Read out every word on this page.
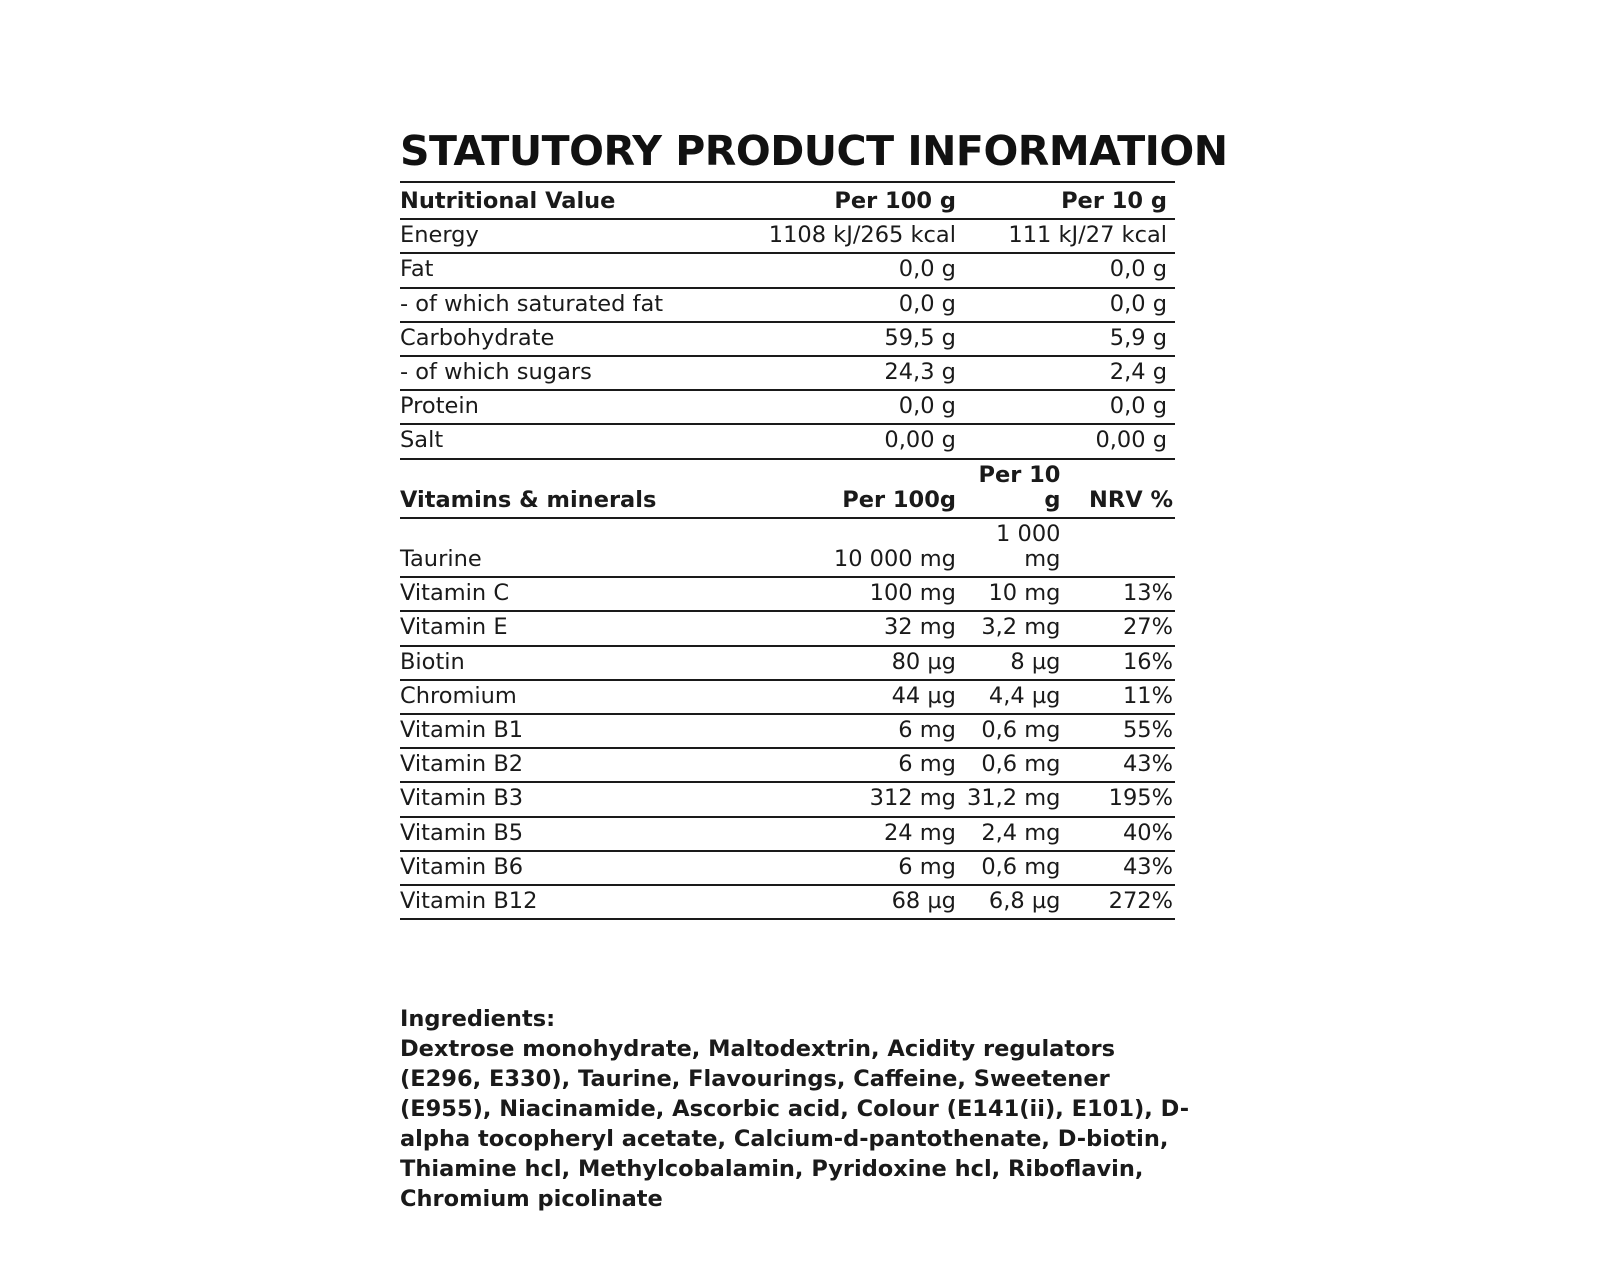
STATUTORY PRODUCT INFORMATION
Nutritional Value	Per 100 g	Per 10 g	
Energy	1108 kJ/265 kcal	111 kJ/27 kcal	
Fat	0,0 g	0,0 g	
- of which saturated fat	0,0 g	0,0 g	
Carbohydrate	59,5 g	5,9 g	
- of which sugars	24,3 g	2,4 g	
Protein	0,0 g	0,0 g	
Salt	0,00 g	0,00 g	
Vitamins & minerals	Per 100g	Per 10 g	NRV %
Taurine	10 000 mg	1 000 mg	
Vitamin C	100 mg	10 mg	13%
Vitamin E	32 mg	3,2 mg	27%
Biotin	80 µg	8 µg	16%
Chromium	44 µg	4,4 µg	11%
Vitamin B1	6 mg	0,6 mg	55%
Vitamin B2	6 mg	0,6 mg	43%
Vitamin B3	312 mg	31,2 mg	195%
Vitamin B5	24 mg	2,4 mg	40%
Vitamin B6	6 mg	0,6 mg	43%
Vitamin B12	68 µg	6,8 µg	272%
Ingredients:
Dextrose monohydrate, Maltodextrin, Acidity regulators (E296, E330), Taurine, Flavourings, Caffeine, Sweetener (E955), Niacinamide, Ascorbic acid, Colour (E141(ii), E101), D-alpha tocopheryl acetate, Calcium-d-pantothenate, D-biotin, Thiamine hcl, Methylcobalamin, Pyridoxine hcl, Riboflavin, Chromium picolinate
